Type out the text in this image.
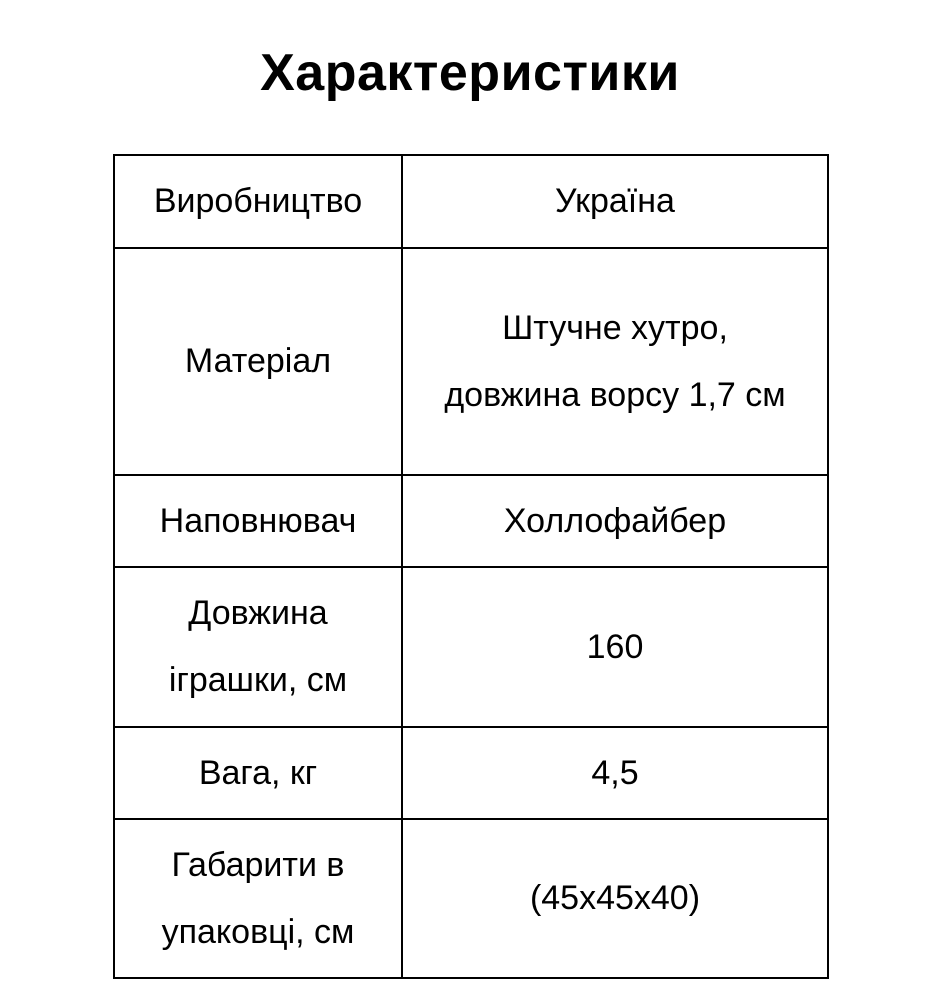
Характеристики
Виробництво	Україна
Матеріал	Штучне хутро, довжина ворсу 1,7 см
Наповнювач	Холлофайбер
Довжина іграшки, см	160
Вага, кг	4,5
Габарити в упаковці, см	(45x45x40)
